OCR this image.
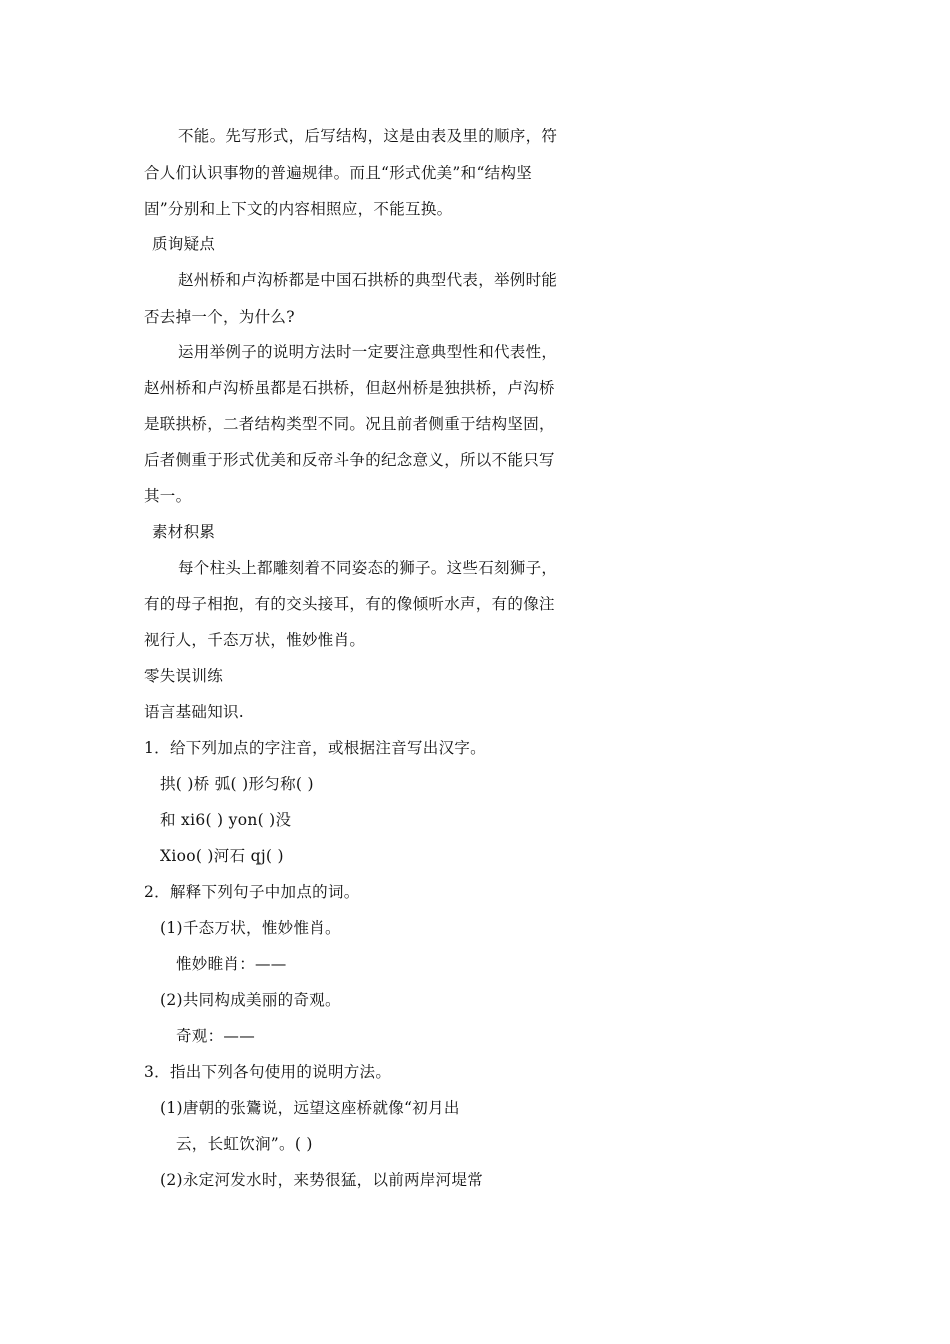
不能。先写形式，后写结构，这是由表及里的顺序，符
合人们认识事物的普遍规律。而且“形式优美”和“结构坚
固”分别和上下文的内容相照应，不能互换。
质询疑点
赵州桥和卢沟桥都是中国石拱桥的典型代表，举例时能
否去掉一个，为什么?
运用举例子的说明方法时一定要注意典型性和代表性，
赵州桥和卢沟桥虽都是石拱桥，但赵州桥是独拱桥，卢沟桥
是联拱桥，二者结构类型不同。况且前者侧重于结构坚固，
后者侧重于形式优美和反帝斗争的纪念意义，所以不能只写
其一。
素材积累
每个柱头上都雕刻着不同姿态的狮子。这些石刻狮子，
有的母子相抱，有的交头接耳，有的像倾听水声，有的像注
视行人，千态万状，惟妙惟肖。
零失误训练
语言基础知识.
1．给下列加点的字注音，或根据注音写出汉字。
拱( )桥 弧( )形匀称( )
和 xi6( ) yon( )没
Xioo( )河石 qj( )
2．解释下列句子中加点的词。
(1)千态万状，惟妙惟肖。
惟妙睢肖：——
(2)共同构成美丽的奇观。
奇观：——
3．指出下列各句使用的说明方法。
(1)唐朝的张鷟说，远望这座桥就像“初月出
云，长虹饮涧”。( )
(2)永定河发水时，来势很猛，以前两岸河堤常
